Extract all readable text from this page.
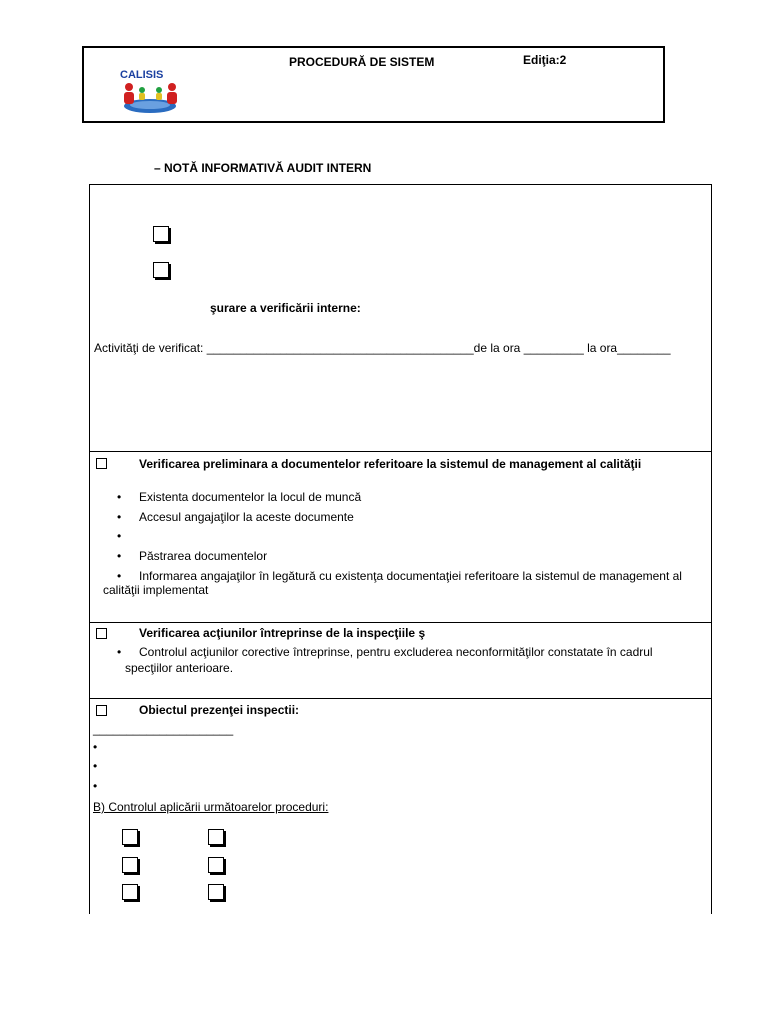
CALISIS
PROCEDURĂ DE SISTEM	Ediţia:2
– NOTĂ INFORMATIVĂ AUDIT INTERN
şurare a verificării interne:
Activităţi de verificat: ________________________________________de la ora _________ la ora________
Verificarea preliminara a documentelor referitoare la sistemul de management al calităţii
• Existenta documentelor la locul de muncă
• Accesul angajaţilor la aceste documente
•
• Păstrarea documentelor
• Informarea angajaţilor în legătură cu existenţa documentaţiei referitoare la sistemul de management al
calităţii implementat
Verificarea acţiunilor întreprinse de la inspecţiile ş
• Controlul acţiunilor corective întreprinse, pentru excluderea neconformităţilor constatate în cadrul
specţiilor anterioare.
Obiectul prezenţei inspectii:
_____________________
•
•
•
B) Controlul aplicării următoarelor proceduri:
